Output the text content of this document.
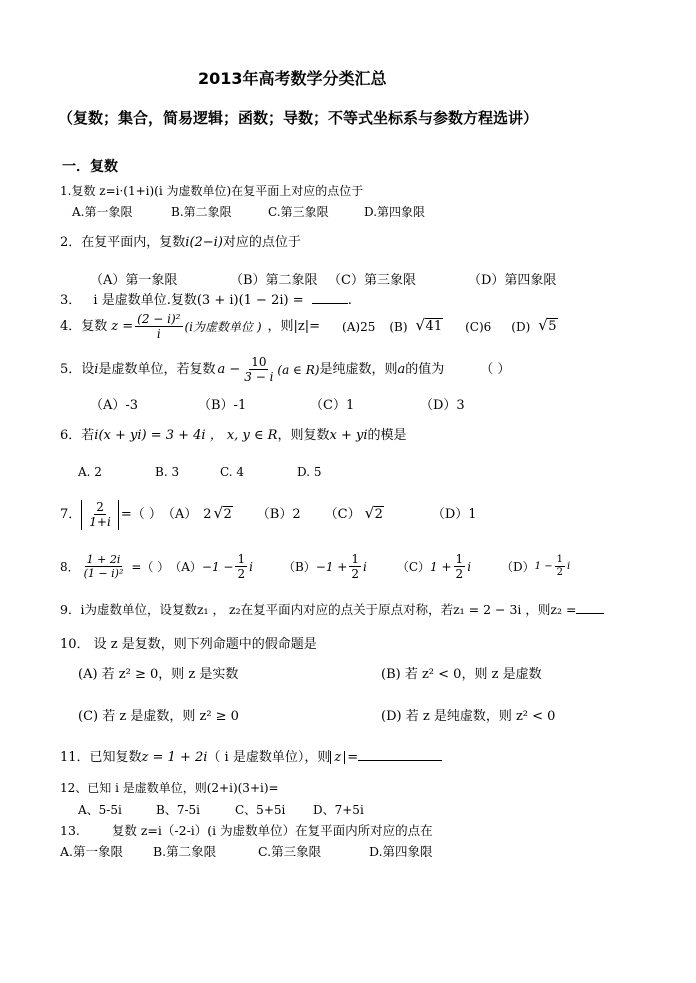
2013年高考数学分类汇总
（复数；集合，简易逻辑；函数；导数；不等式坐标系与参数方程选讲）
一．复数
1.复数 z=i·(1+i)(i 为虚数单位)在复平面上对应的点位于
A.第一象限	B.第二象限	C.第三象限	D.第四象限
2．在复平面内，复数i(2−i)对应的点位于
（A）第一象限	（B）第二象限 （C）第三象限	（D）第四象限
3． i 是虚数单位.复数(3 + i)(1 − 2i) =	.
4．复数 $z = \frac{\text{(2 − i)²}}{i} (i$为虚数单位 ) ，则|z|= (A)25 (B) √ 41 (C)6 (D) √ 5
5．设 i 是虚数单位，若复数 $a - \frac{10}{3 - i} (a$ ∈ R) 是纯虚数，则 a 的值为	（ ）
（A）-3	（B）-1	（C）1	（D）3
6．若i(x + yi) = 3 + 4i ， x, y ∈ R，则复数x + yi的模是
A. 2	B. 3	C. 4	D. 5
7． $\frac{2}{1+i}$ =（ ） （A） 2 √ 2 （B）2 （C） √ 2	（D）1
8． $\frac{1 + 2i}{\text{(1 − i)²}}$ =（ ） $(A) -1 - \frac{1}{2}$ i	$(B) -1 + \frac{1}{2}$ i	（C） $1 + \frac{1}{2}$ i	（D） $1 - \frac{1}{2}$ i
9．i为虚数单位，设复数z₁ ， z₂在复平面内对应的点关于原点对称，若z₁ = 2 − 3i ，则z₂ =
10． 设 z 是复数，则下列命题中的假命题是
(A) 若 z² ≥ 0，则 z 是实数	(B) 若 z² < 0，则 z 是虚数
(C) 若 z 是虚数，则 z² ≥ 0	(D) 若 z 是纯虚数，则 z² < 0
11．已知复数z = 1 + 2i（ i 是虚数单位），则 z =
12、已知 i 是虚数单位，则(2+i)(3+i)=
A、5-5i	B、7-5i	C、5+5i D、7+5i
13.	复数 z=i（-2-i）(i 为虚数单位）在复平面内所对应的点在
A.第一象限 B.第二象限	C.第三象限	D.第四象限
